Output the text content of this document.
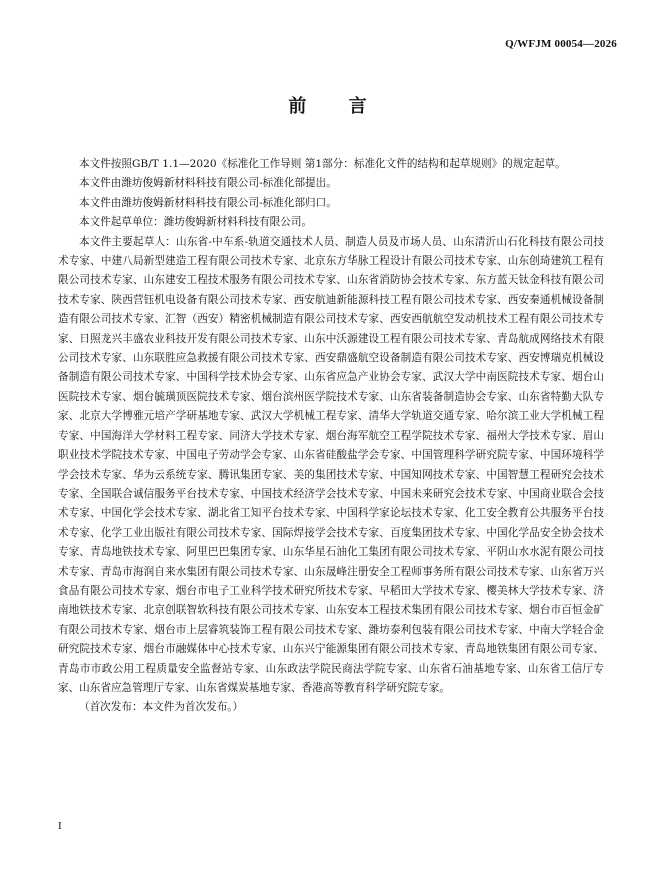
Q/WFJM 00054—2026
前 言

本文件按照GB/T 1.1—2020《标准化工作导则 第1部分：标准化文件的结构和起草规则》的规定起草。

本文件由潍坊俊姆新材料科技有限公司-标准化部提出。

本文件由潍坊俊姆新材料科技有限公司-标准化部归口。

本文件起草单位：潍坊俊姆新材料科技有限公司。

本文件主要起草人：山东省-中车系-轨道交通技术人员、制造人员及市场人员、山东清沂山石化科技有限公司技术专家、中建八局新型建造工程有限公司技术专家、北京东方华脉工程设计有限公司技术专家、山东创琦建筑工程有限公司技术专家、山东建安工程技术服务有限公司技术专家、山东省消防协会技术专家、东方蓝天钛金科技有限公司技术专家、陕西营钰机电设备有限公司技术专家、西安航迪新能源科技工程有限公司技术专家、西安秦通机械设备制造有限公司技术专家、汇智（西安）精密机械制造有限公司技术专家、西安西航航空发动机技术工程有限公司技术专家、日照龙兴丰盛农业科技开发有限公司技术专家、山东中沃源建设工程有限公司技术专家、青岛航成网络技术有限公司技术专家、山东联胜应急救援有限公司技术专家、西安鼎盛航空设备制造有限公司技术专家、西安博瑞克机械设备制造有限公司技术专家、中国科学技术协会专家、山东省应急产业协会专家、武汉大学中南医院技术专家、烟台山医院技术专家、烟台毓璜顶医院技术专家、烟台滨州医学院技术专家、山东省装备制造协会专家、山东省特勤大队专家、北京大学博雅元培产学研基地专家、武汉大学机械工程专家、清华大学轨道交通专家、哈尔滨工业大学机械工程专家、中国海洋大学材料工程专家、同济大学技术专家、烟台海军航空工程学院技术专家、福州大学技术专家、眉山职业技术学院技术专家、中国电子劳动学会专家、山东省硅酸盐学会专家、中国管理科学研究院专家、中国环境科学学会技术专家、华为云系统专家、腾讯集团专家、美的集团技术专家、中国知网技术专家、中国智慧工程研究会技术专家、全国联合诚信服务平台技术专家、中国技术经济学会技术专家、中国未来研究会技术专家、中国商业联合会技术专家、中国化学会技术专家、湖北省工知平台技术专家、中国科学家论坛技术专家、化工安全教育公共服务平台技术专家、化学工业出版社有限公司技术专家、国际焊接学会技术专家、百度集团技术专家、中国化学品安全协会技术专家、青岛地铁技术专家、阿里巴巴集团专家、山东华星石油化工集团有限公司技术专家、平阴山水水泥有限公司技术专家、青岛市海润自来水集团有限公司技术专家、山东晟峰注册安全工程师事务所有限公司技术专家、山东省万兴食品有限公司技术专家、烟台市电子工业科学技术研究所技术专家、早稻田大学技术专家、樱美林大学技术专家、济南地铁技术专家、北京创联智软科技有限公司技术专家、山东安本工程技术集团有限公司技术专家、烟台市百恒金矿有限公司技术专家、烟台市上层睿筑装饰工程有限公司技术专家、潍坊泰利包装有限公司技术专家、中南大学轻合金研究院技术专家、烟台市融媒体中心技术专家、山东兴宁能源集团有限公司技术专家、青岛地铁集团有限公司专家、青岛市市政公用工程质量安全监督站专家、山东政法学院民商法学院专家、山东省石油基地专家、山东省工信厅专家、山东省应急管理厅专家、山东省煤炭基地专家、香港高等教育科学研究院专家。

（首次发布：本文件为首次发布。）

I
